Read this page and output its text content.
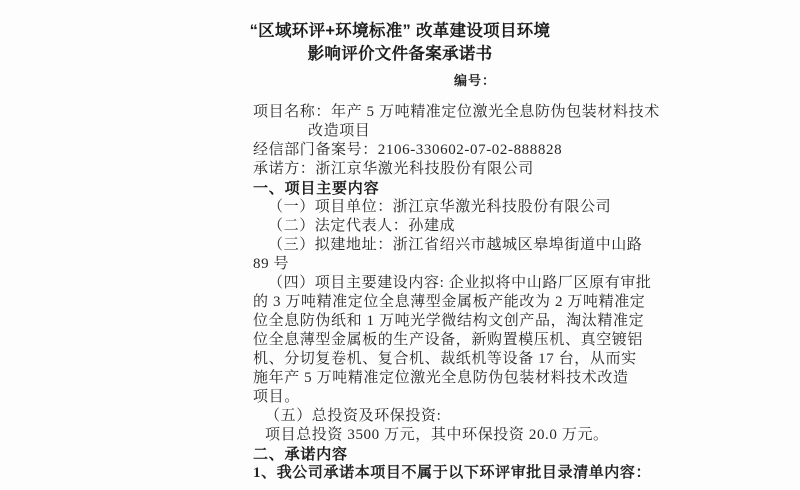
“区域环评+环境标准” 改革建设项目环境
影响评价文件备案承诺书
编号：
项目名称：年产 5 万吨精准定位激光全息防伪包装材料技术
改造项目
经信部门备案号：2106-330602-07-02-888828
承诺方：浙江京华激光科技股份有限公司
一、项目主要内容
（一）项目单位：浙江京华激光科技股份有限公司
（二）法定代表人：孙建成
（三）拟建地址：浙江省绍兴市越城区皋埠街道中山路
89 号
（四）项目主要建设内容: 企业拟将中山路厂区原有审批
的 3 万吨精准定位全息薄型金属板产能改为 2 万吨精准定
位全息防伪纸和 1 万吨光学微结构文创产品，淘汰精准定
位全息薄型金属板的生产设备，新购置模压机、真空镀铝
机、分切复卷机、复合机、裁纸机等设备 17 台，从而实
施年产 5 万吨精准定位激光全息防伪包装材料技术改造
项目。
（五）总投资及环保投资:
项目总投资 3500 万元，其中环保投资 20.0 万元。
二、承诺内容
1、我公司承诺本项目不属于以下环评审批目录清单内容：
